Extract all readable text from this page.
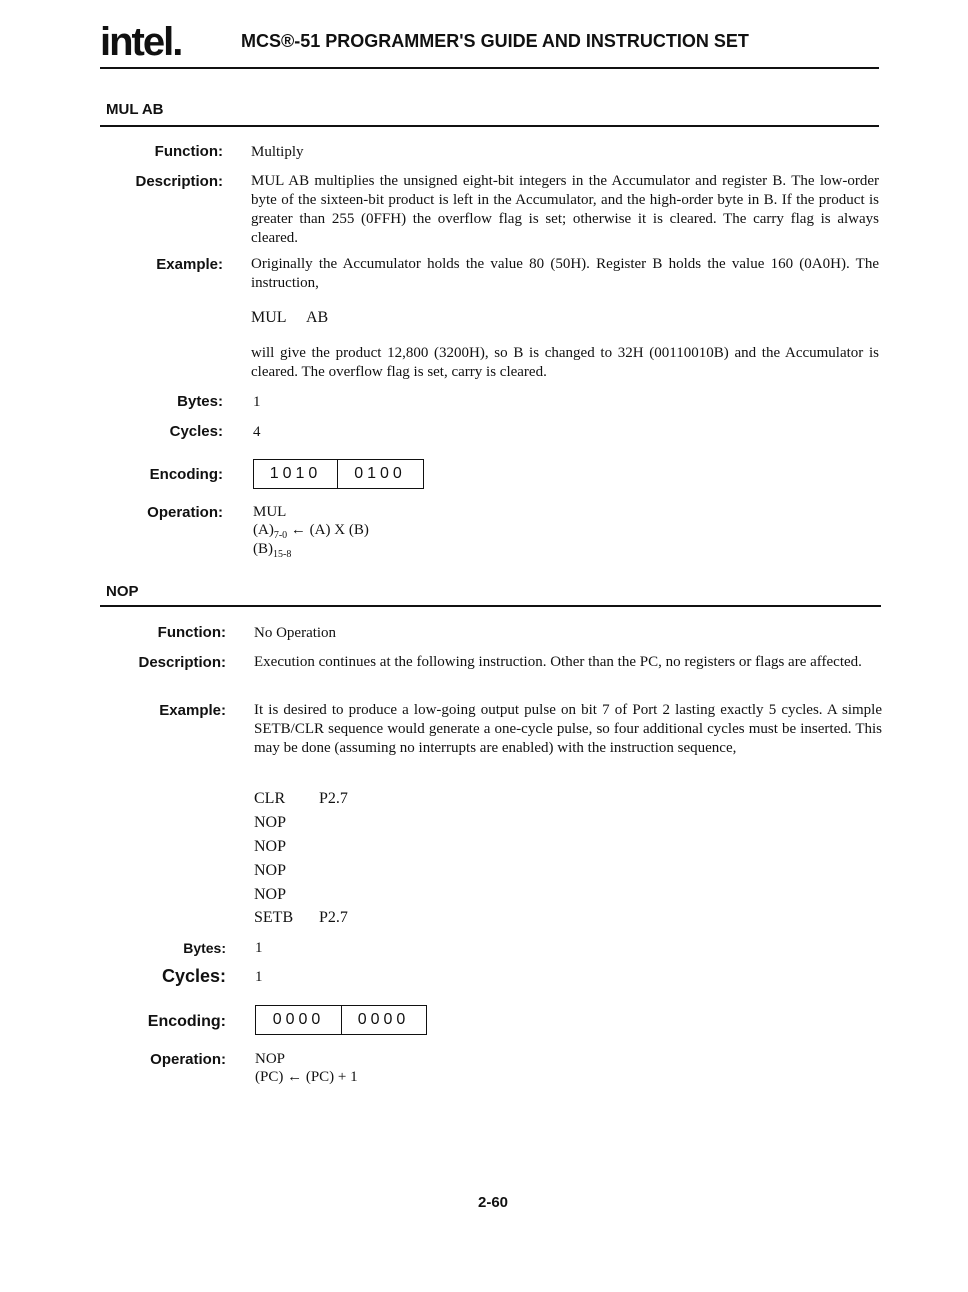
intel.	MCS®-51 PROGRAMMER'S GUIDE AND INSTRUCTION SET
MUL AB
Function: Multiply
Description: MUL AB multiplies the unsigned eight-bit integers in the Accumulator and register B. The low-order byte of the sixteen-bit product is left in the Accumulator, and the high-order byte in B. If the product is greater than 255 (0FFH) the overflow flag is set; otherwise it is cleared. The carry flag is always cleared.
Example: Originally the Accumulator holds the value 80 (50H). Register B holds the value 160 (0A0H). The instruction,
MUL AB
will give the product 12,800 (3200H), so B is changed to 32H (00110010B) and the Accumulator is cleared. The overflow flag is set, carry is cleared.
Bytes: 1
Cycles: 4
Encoding:	1010	0100
Operation: MUL
$(A)_{7-0}$ ← (A) X (B)
$(B)_{15-8}$
NOP
Function: No Operation
Description: Execution continues at the following instruction. Other than the PC, no registers or flags are affected.
Example: It is desired to produce a low-going output pulse on bit 7 of Port 2 lasting exactly 5 cycles. A simple SETB/CLR sequence would generate a one-cycle pulse, so four additional cycles must be inserted. This may be done (assuming no interrupts are enabled) with the instruction sequence,
CLR P2.7
NOP
NOP
NOP
NOP
SETB P2.7
Bytes: 1
Cycles: 1
Encoding:	0000	0000
Operation: NOP
(PC) ← (PC) + 1
2-60
